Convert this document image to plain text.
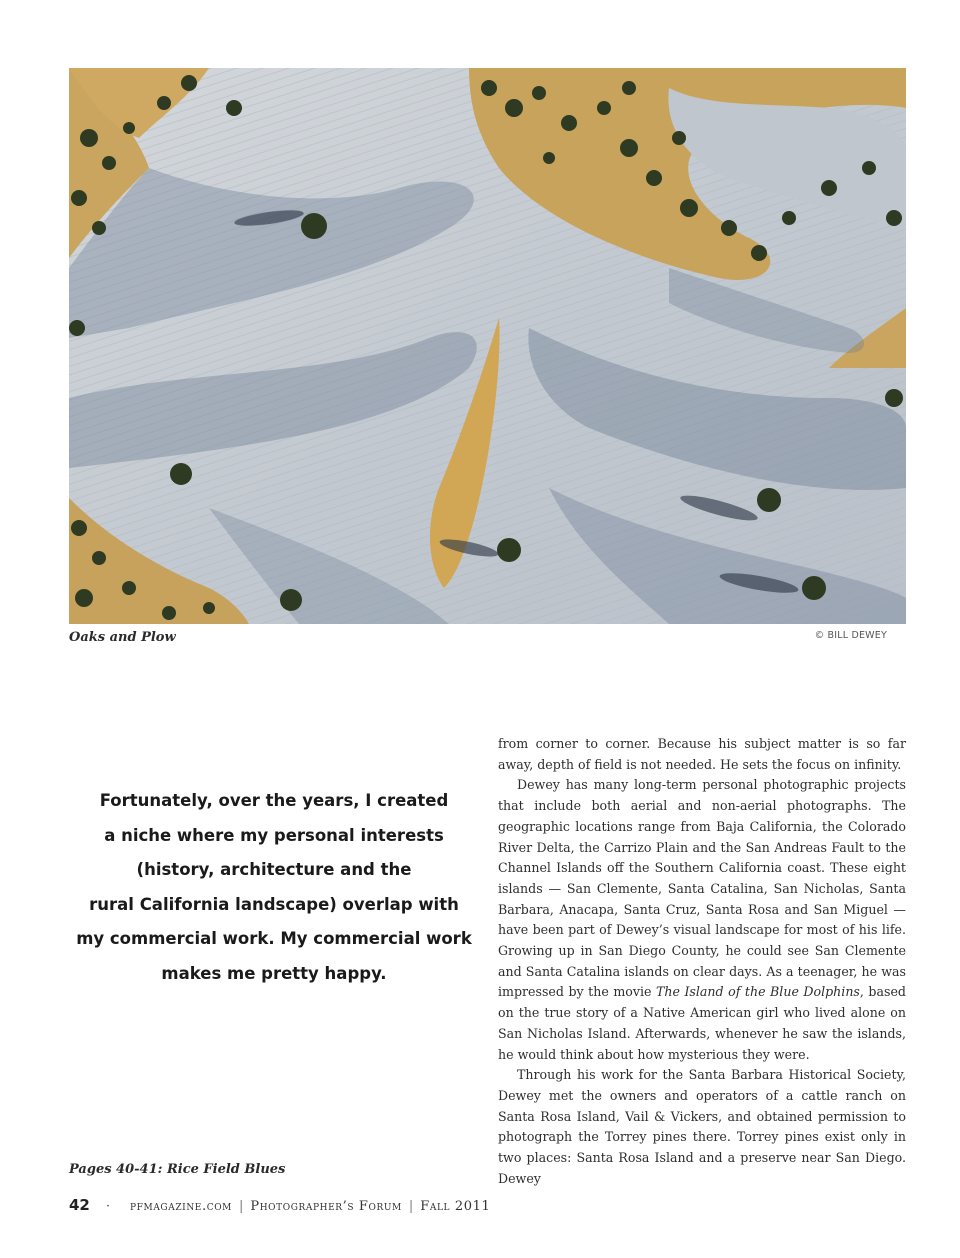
Oaks and Plow	© BILL DEWEY
Fortunately, over the years, I created
a niche where my personal interests
(history, architecture and the
rural California landscape) overlap with
my commercial work. My commercial work
makes me pretty happy.

from corner to corner. Because his subject matter is so far away, depth of field is not needed. He sets the focus on infinity.

Dewey has many long-term personal photographic projects that include both aerial and non-aerial photographs. The geographic locations range from Baja California, the Colorado River Delta, the Carrizo Plain and the San Andreas Fault to the Channel Islands off the Southern California coast. These eight islands — San Clemente, Santa Catalina, San Nicholas, Santa Barbara, Anacapa, Santa Cruz, Santa Rosa and San Miguel — have been part of Dewey’s visual landscape for most of his life. Growing up in San Diego County, he could see San Clemente and Santa Catalina islands on clear days. As a teenager, he was impressed by the movie The Island of the Blue Dolphins, based on the true story of a Native American girl who lived alone on San Nicholas Island. Afterwards, whenever he saw the islands, he would think about how mysterious they were.

Through his work for the Santa Barbara Historical Society, Dewey met the owners and operators of a cattle ranch on Santa Rosa Island, Vail & Vickers, and obtained permission to photograph the Torrey pines there. Torrey pines exist only in two places: Santa Rosa Island and a preserve near San Diego. Dewey

Pages 40-41: Rice Field Blues
42 · pfmagazine.com | Photographer’s Forum | Fall 2011
